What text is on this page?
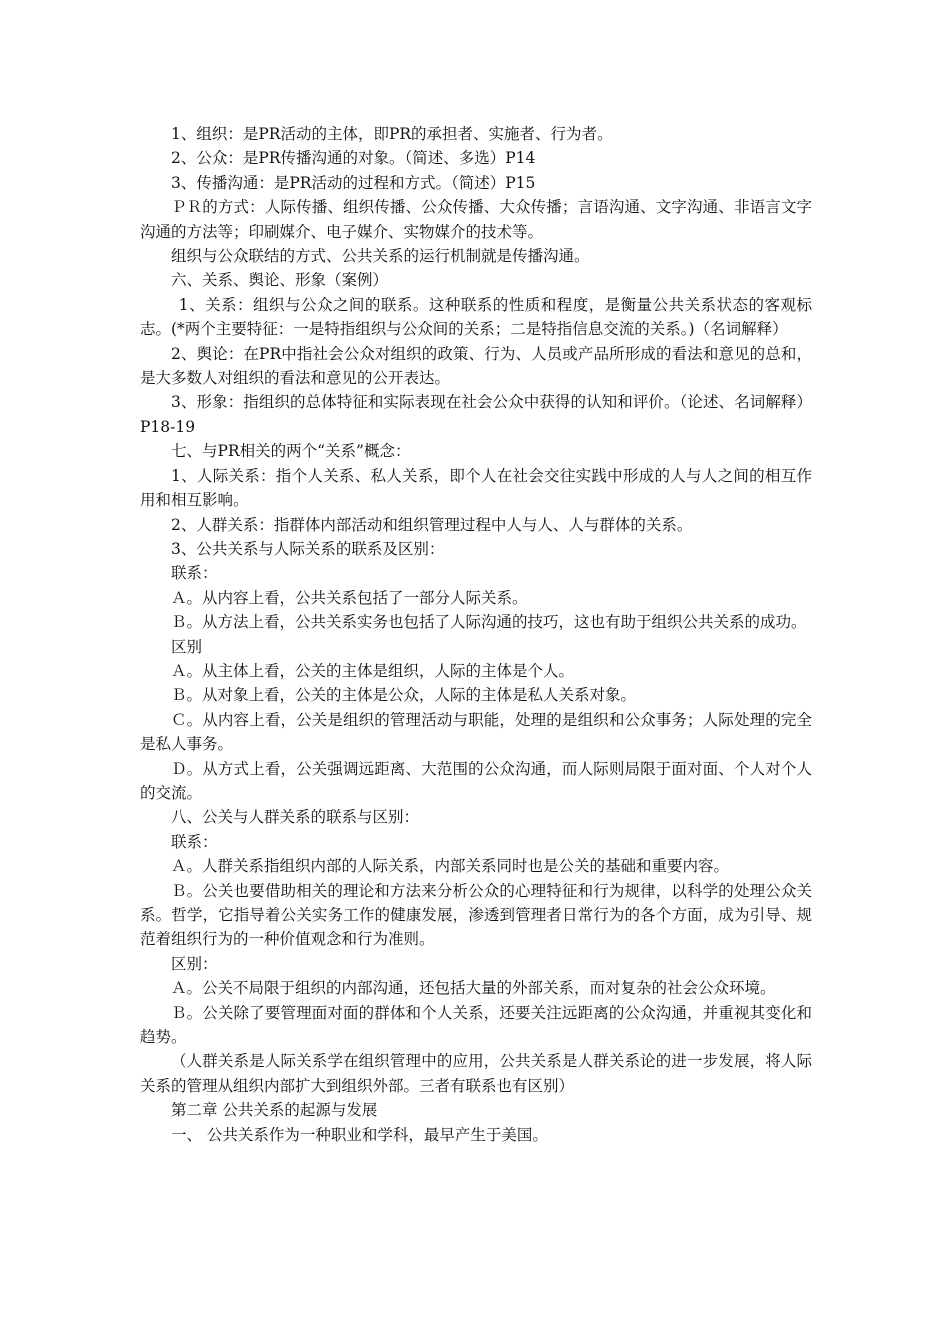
1、组织：是PR活动的主体，即PR的承担者、实施者、行为者。

2、公众：是PR传播沟通的对象。（简述、多选）P14

3、传播沟通：是PR活动的过程和方式。（简述）P15

ＰＲ的方式：人际传播、组织传播、公众传播、大众传播；言语沟通、文字沟通、非语言文字沟通的方法等；印刷媒介、电子媒介、实物媒介的技术等。

组织与公众联结的方式、公共关系的运行机制就是传播沟通。

六、关系、舆论、形象（案例）

1、关系：组织与公众之间的联系。这种联系的性质和程度，是衡量公共关系状态的客观标志。(*两个主要特征：一是特指组织与公众间的关系；二是特指信息交流的关系。)（名词解释）

2、舆论：在PR中指社会公众对组织的政策、行为、人员或产品所形成的看法和意见的总和，是大多数人对组织的看法和意见的公开表达。

3、形象：指组织的总体特征和实际表现在社会公众中获得的认知和评价。（论述、名词解释）P18-19

七、与PR相关的两个“关系”概念：

1、人际关系：指个人关系、私人关系，即个人在社会交往实践中形成的人与人之间的相互作用和相互影响。

2、人群关系：指群体内部活动和组织管理过程中人与人、人与群体的关系。

3、公共关系与人际关系的联系及区别：

联系：

Ａ。从内容上看，公共关系包括了一部分人际关系。

Ｂ。从方法上看，公共关系实务也包括了人际沟通的技巧，这也有助于组织公共关系的成功。

区别

Ａ。从主体上看，公关的主体是组织，人际的主体是个人。

Ｂ。从对象上看，公关的主体是公众，人际的主体是私人关系对象。

Ｃ。从内容上看，公关是组织的管理活动与职能，处理的是组织和公众事务；人际处理的完全是私人事务。

Ｄ。从方式上看，公关强调远距离、大范围的公众沟通，而人际则局限于面对面、个人对个人的交流。

八、公关与人群关系的联系与区别：

联系：

Ａ。人群关系指组织内部的人际关系，内部关系同时也是公关的基础和重要内容。

Ｂ。公关也要借助相关的理论和方法来分析公众的心理特征和行为规律，以科学的处理公众关系。哲学，它指导着公关实务工作的健康发展，渗透到管理者日常行为的各个方面，成为引导、规范着组织行为的一种价值观念和行为准则。

区别：

Ａ。公关不局限于组织的内部沟通，还包括大量的外部关系，而对复杂的社会公众环境。

Ｂ。公关除了要管理面对面的群体和个人关系，还要关注远距离的公众沟通，并重视其变化和趋势。

（人群关系是人际关系学在组织管理中的应用，公共关系是人群关系论的进一步发展，将人际关系的管理从组织内部扩大到组织外部。三者有联系也有区别）

第二章 公共关系的起源与发展

一、 公共关系作为一种职业和学科，最早产生于美国。
